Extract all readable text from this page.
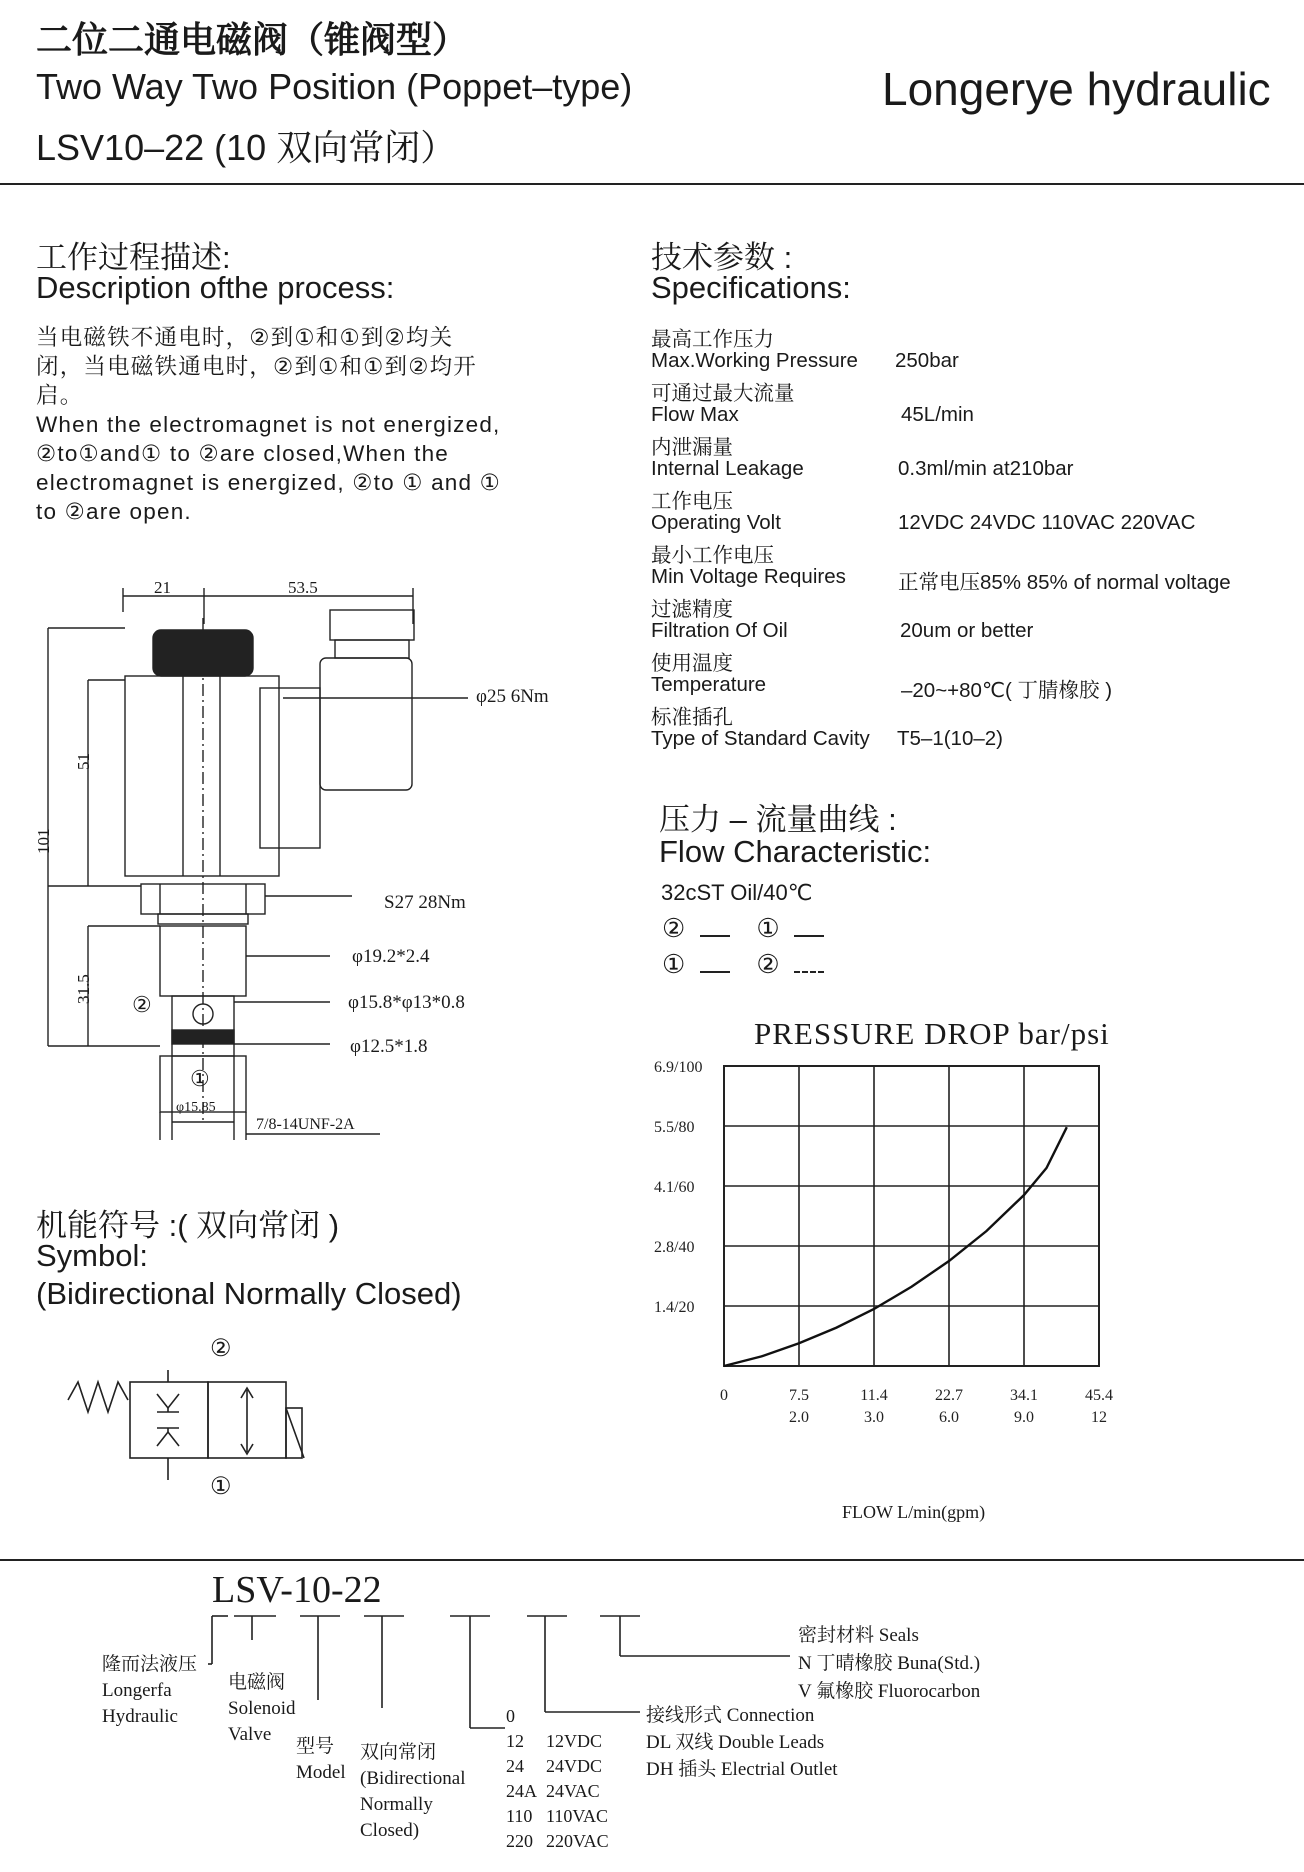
二位二通电磁阀（锥阀型）
Two Way Two Position (Poppet–type)
LSV10–22 (10 双向常闭）
Longerye hydraulic
工作过程描述:
Description ofthe process:
当电磁铁不通电时，②到①和①到②均关
闭，当电磁铁通电时，②到①和①到②均开
启。
When the electromagnet is not energized,
②to①and① to ②are closed,When the
electromagnet is energized, ②to ① and ①
to ②are open.
21	53.5
51
101
31.5
φ25 6Nm
S27 28Nm
φ19.2*2.4
φ15.8*φ13*0.8
φ12.5*1.8
②
①
φ15.85
7/8-14UNF-2A
机能符号 :( 双向常闭 )
Symbol:
(Bidirectional Normally Closed)
②
①
技术参数 :
Specifications:
最高工作压力
Max.Working Pressure 250bar
可通过最大流量
Flow Max	45L/min
内泄漏量
Internal Leakage	0.3ml/min at210bar
工作电压
Operating Volt	12VDC 24VDC 110VAC 220VAC
最小工作电压
Min Voltage Requires	正常电压85% 85% of normal voltage
过滤精度
Filtration Of Oil	20um or better
使用温度
Temperature	–20~+80℃( 丁腈橡胶 )
标准插孔
Type of Standard Cavity T5–1(10–2)
压力 – 流量曲线 :
Flow Characteristic:
32cST Oil/40℃
②	①
①	②
PRESSURE DROP bar/psi
6.9/100
5.5/80
4.1/60
2.8/40
1.4/20
0	7.5
2.0
11.4
3.0
22.7
6.0
34.1
9.0
45.4
12
FLOW L/min(gpm)
LSV-10-22
隆而法液压
Longerfa
Hydraulic
电磁阀
Solenoid
Valve
型号
Model
双向常闭
(Bidirectional
Normally
Closed)
0
12 12VDC
24 24VDC
24A 24VAC
110 110VAC
220 220VAC
接线形式 Connection
DL 双线 Double Leads
DH 插头 Electrial Outlet
密封材料 Seals
N 丁晴橡胶 Buna(Std.)
V 氟橡胶 Fluorocarbon
